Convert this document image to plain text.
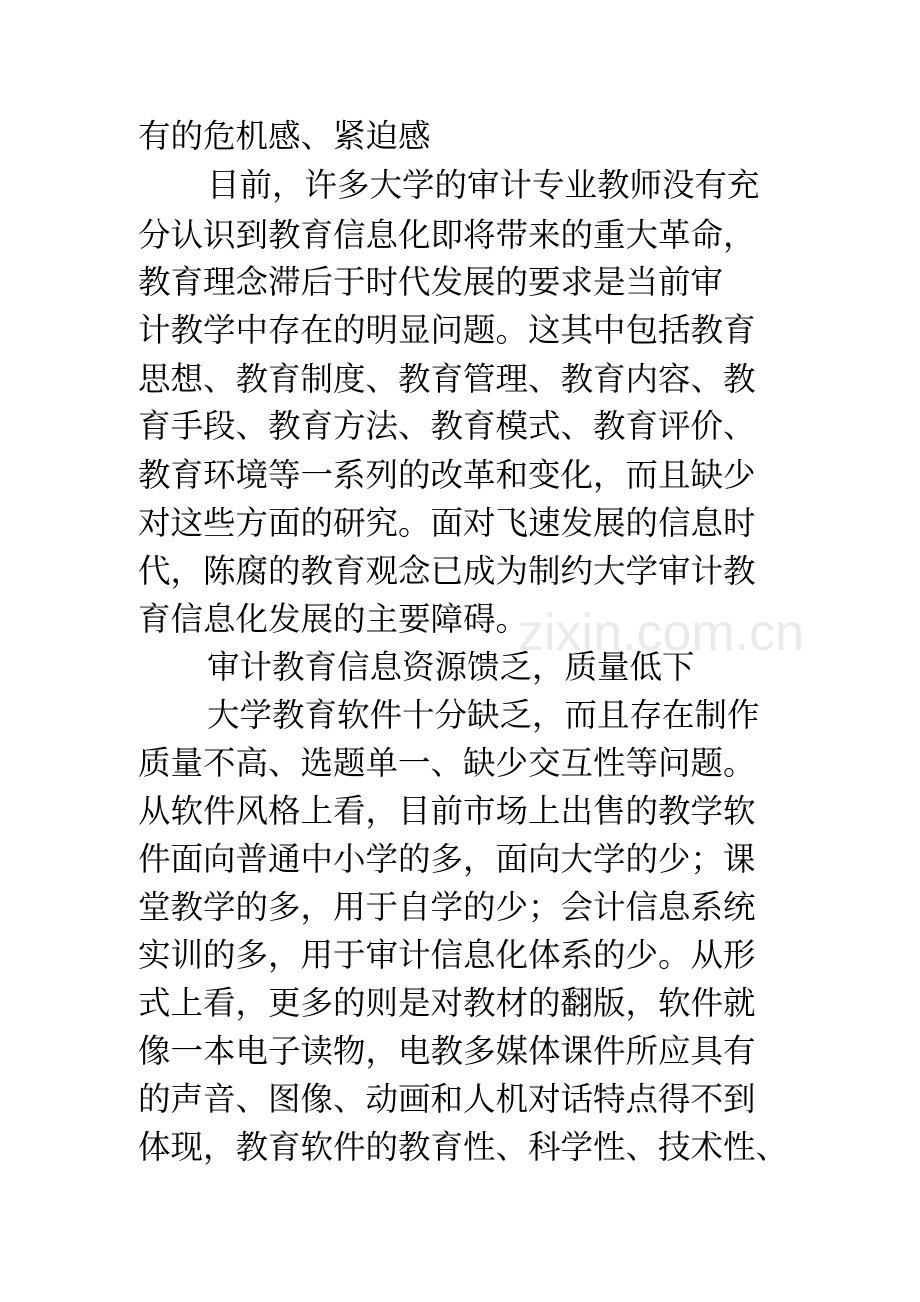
有的危机感、紧迫感
目前，许多大学的审计专业教师没有充
分认识到教育信息化即将带来的重大革命，
教育理念滞后于时代发展的要求是当前审
计教学中存在的明显问题。这其中包括教育
思想、教育制度、教育管理、教育内容、教
育手段、教育方法、教育模式、教育评价、
教育环境等一系列的改革和变化，而且缺少
对这些方面的研究。面对飞速发展的信息时
代，陈腐的教育观念已成为制约大学审计教
育信息化发展的主要障碍。
审计教育信息资源馈乏，质量低下
大学教育软件十分缺乏，而且存在制作
质量不高、选题单一、缺少交互性等问题。
从软件风格上看，目前市场上出售的教学软
件面向普通中小学的多，面向大学的少；课
堂教学的多，用于自学的少；会计信息系统
实训的多，用于审计信息化体系的少。从形
式上看，更多的则是对教材的翻版，软件就
像一本电子读物，电教多媒体课件所应具有
的声音、图像、动画和人机对话特点得不到
体现，教育软件的教育性、科学性、技术性、
zixin.com.cn
